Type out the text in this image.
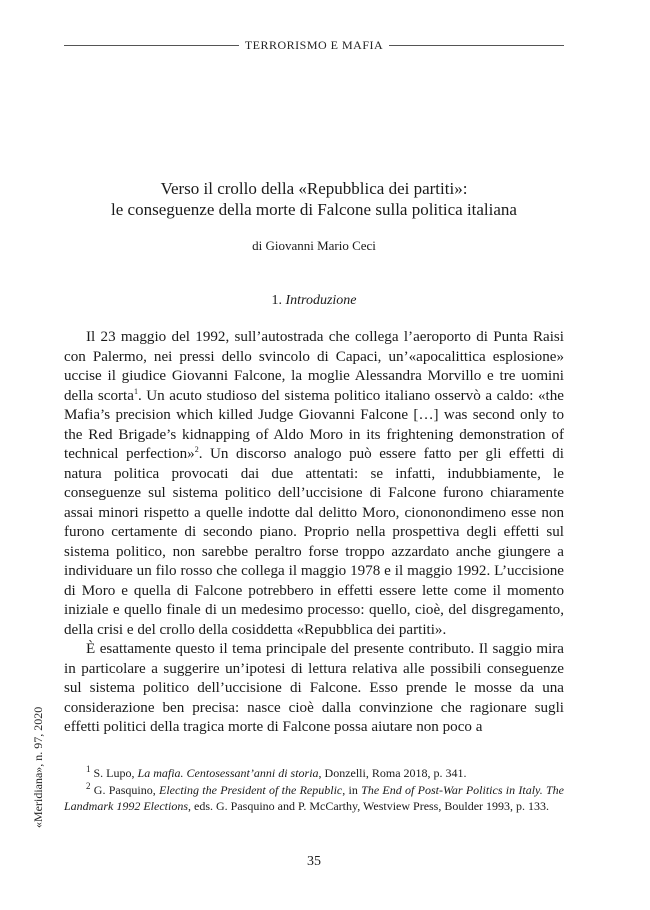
TERRORISMO E MAFIA
Verso il crollo della «Repubblica dei partiti»:
le conseguenze della morte di Falcone sulla politica italiana
di Giovanni Mario Ceci
1. Introduzione

Il 23 maggio del 1992, sull’autostrada che collega l’aeroporto di Punta Raisi con Palermo, nei pressi dello svincolo di Capaci, un’«apocalittica esplosione» uccise il giudice Giovanni Falcone, la moglie Alessandra Morvillo e tre uomini della scorta$^1$. Un acuto studioso del sistema politico italiano osservò a caldo: «the Mafia’s precision which killed Judge Giovanni Falcone […] was second only to the Red Brigade’s kidnapping of Aldo Moro in its frightening demonstration of technical perfection»$^2$. Un discorso analogo può essere fatto per gli effetti di natura politica provocati dai due attentati: se infatti, indubbiamente, le conseguenze sul sistema politico dell’uccisione di Falcone furono chiaramente assai minori rispetto a quelle indotte dal delitto Moro, ciononondimeno esse non furono certamente di secondo piano. Proprio nella prospettiva degli effetti sul sistema politico, non sarebbe peraltro forse troppo azzardato anche giungere a individuare un filo rosso che collega il maggio 1978 e il maggio 1992. L’uccisione di Moro e quella di Falcone potrebbero in effetti essere lette come il momento iniziale e quello finale di un medesimo processo: quello, cioè, del disgregamento, della crisi e del crollo della cosiddetta «Repubblica dei partiti».

È esattamente questo il tema principale del presente contributo. Il saggio mira in particolare a suggerire un’ipotesi di lettura relativa alle possibili conseguenze sul sistema politico dell’uccisione di Falcone. Esso prende le mosse da una considerazione ben precisa: nasce cioè dalla convinzione che ragionare sugli effetti politici della tragica morte di Falcone possa aiutare non poco a

$^1$ S. Lupo, La mafia. Centosessant’anni di storia, Donzelli, Roma 2018, p. 341.

$^2$ G. Pasquino, Electing the President of the Republic, in The End of Post-War Politics in Italy. The Landmark 1992 Elections, eds. G. Pasquino and P. McCarthy, Westview Press, Boulder 1993, p. 133.

«Meridiana», n. 97, 2020
35
